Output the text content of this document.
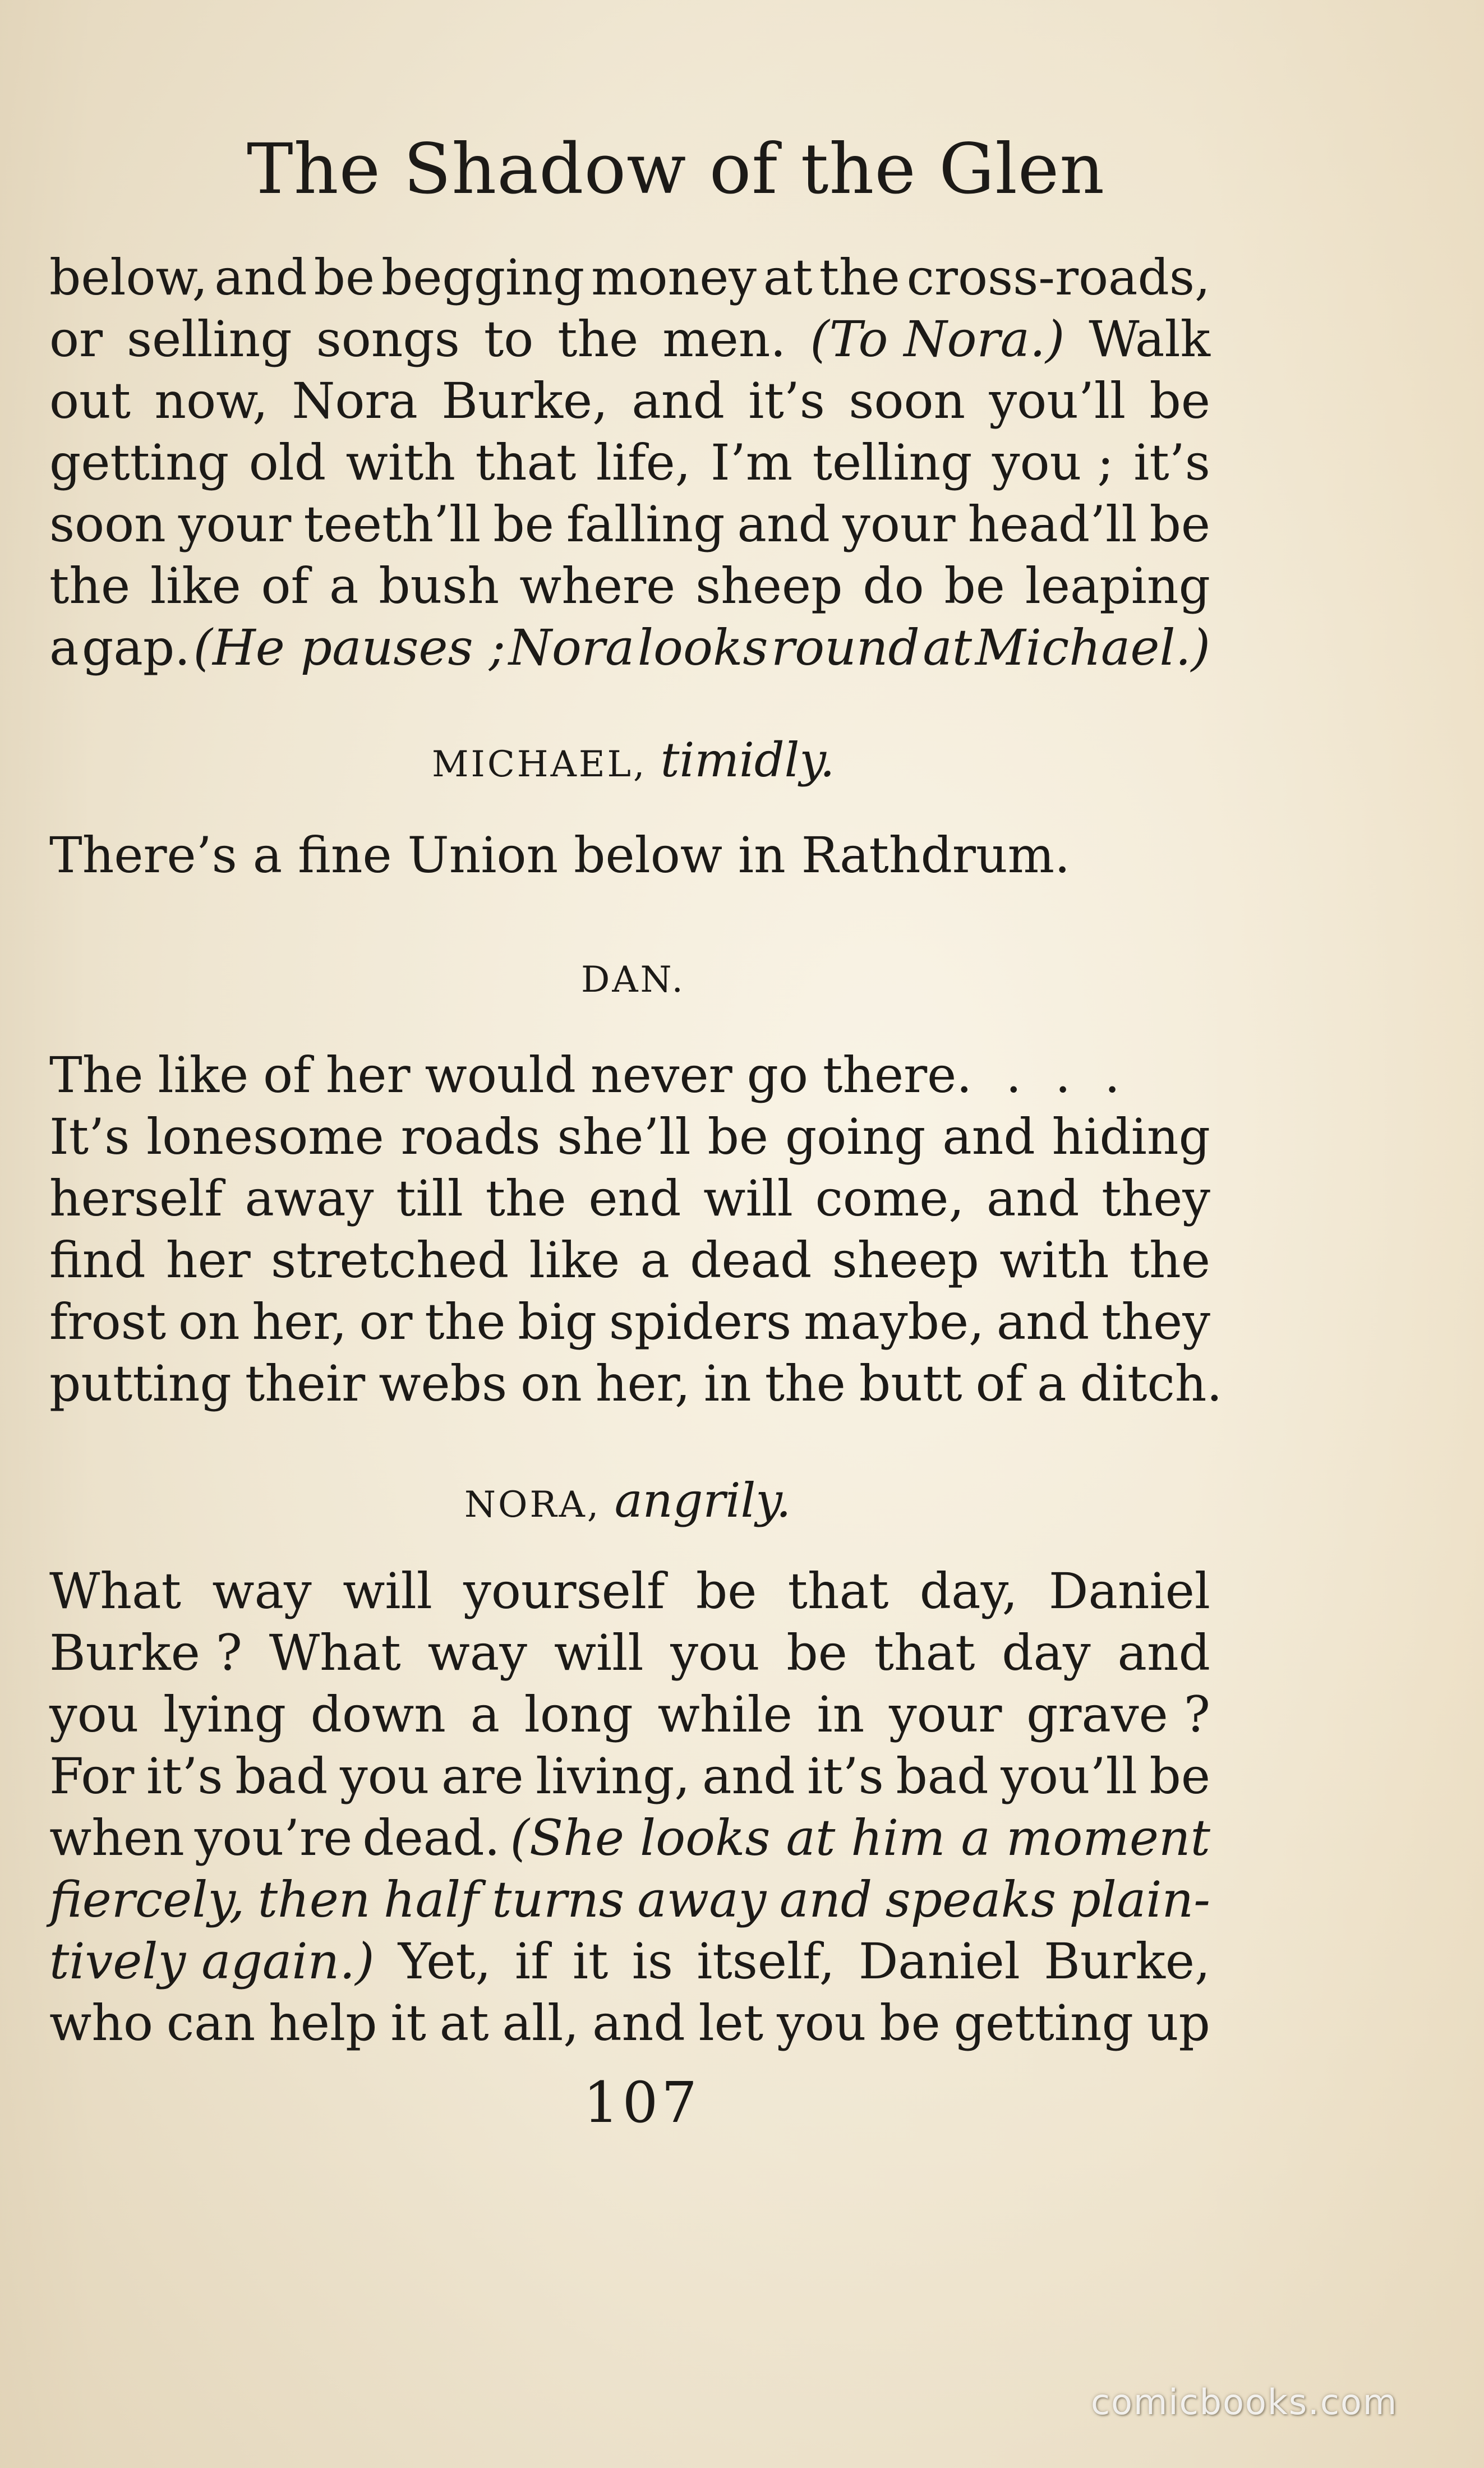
The Shadow of the Glen
below, and be begging money at the cross-roads,
or selling songs to the men. (To Nora.) Walk
out now, Nora Burke, and it’s soon you’ll be
getting old with that life, I’m telling you ; it’s
soon your teeth’ll be falling and your head’ll be
the like of a bush where sheep do be leaping
a gap. (He pauses ; Nora looks round at Michael.)
MICHAEL, timidly.
There’s a fine Union below in Rathdrum.
DAN.
The like of her would never go there. . . .
It’s lonesome roads she’ll be going and hiding
herself away till the end will come, and they
find her stretched like a dead sheep with the
frost on her, or the big spiders maybe, and they
putting their webs on her, in the butt of a ditch.
NORA, angrily.
What way will yourself be that day, Daniel
Burke ? What way will you be that day and
you lying down a long while in your grave ?
For it’s bad you are living, and it’s bad you’ll be
when you’re dead. (She looks at him a moment
fiercely, then half turns away and speaks plain-
tively again.) Yet, if it is itself, Daniel Burke,
who can help it at all, and let you be getting up
107
comicbooks.com
